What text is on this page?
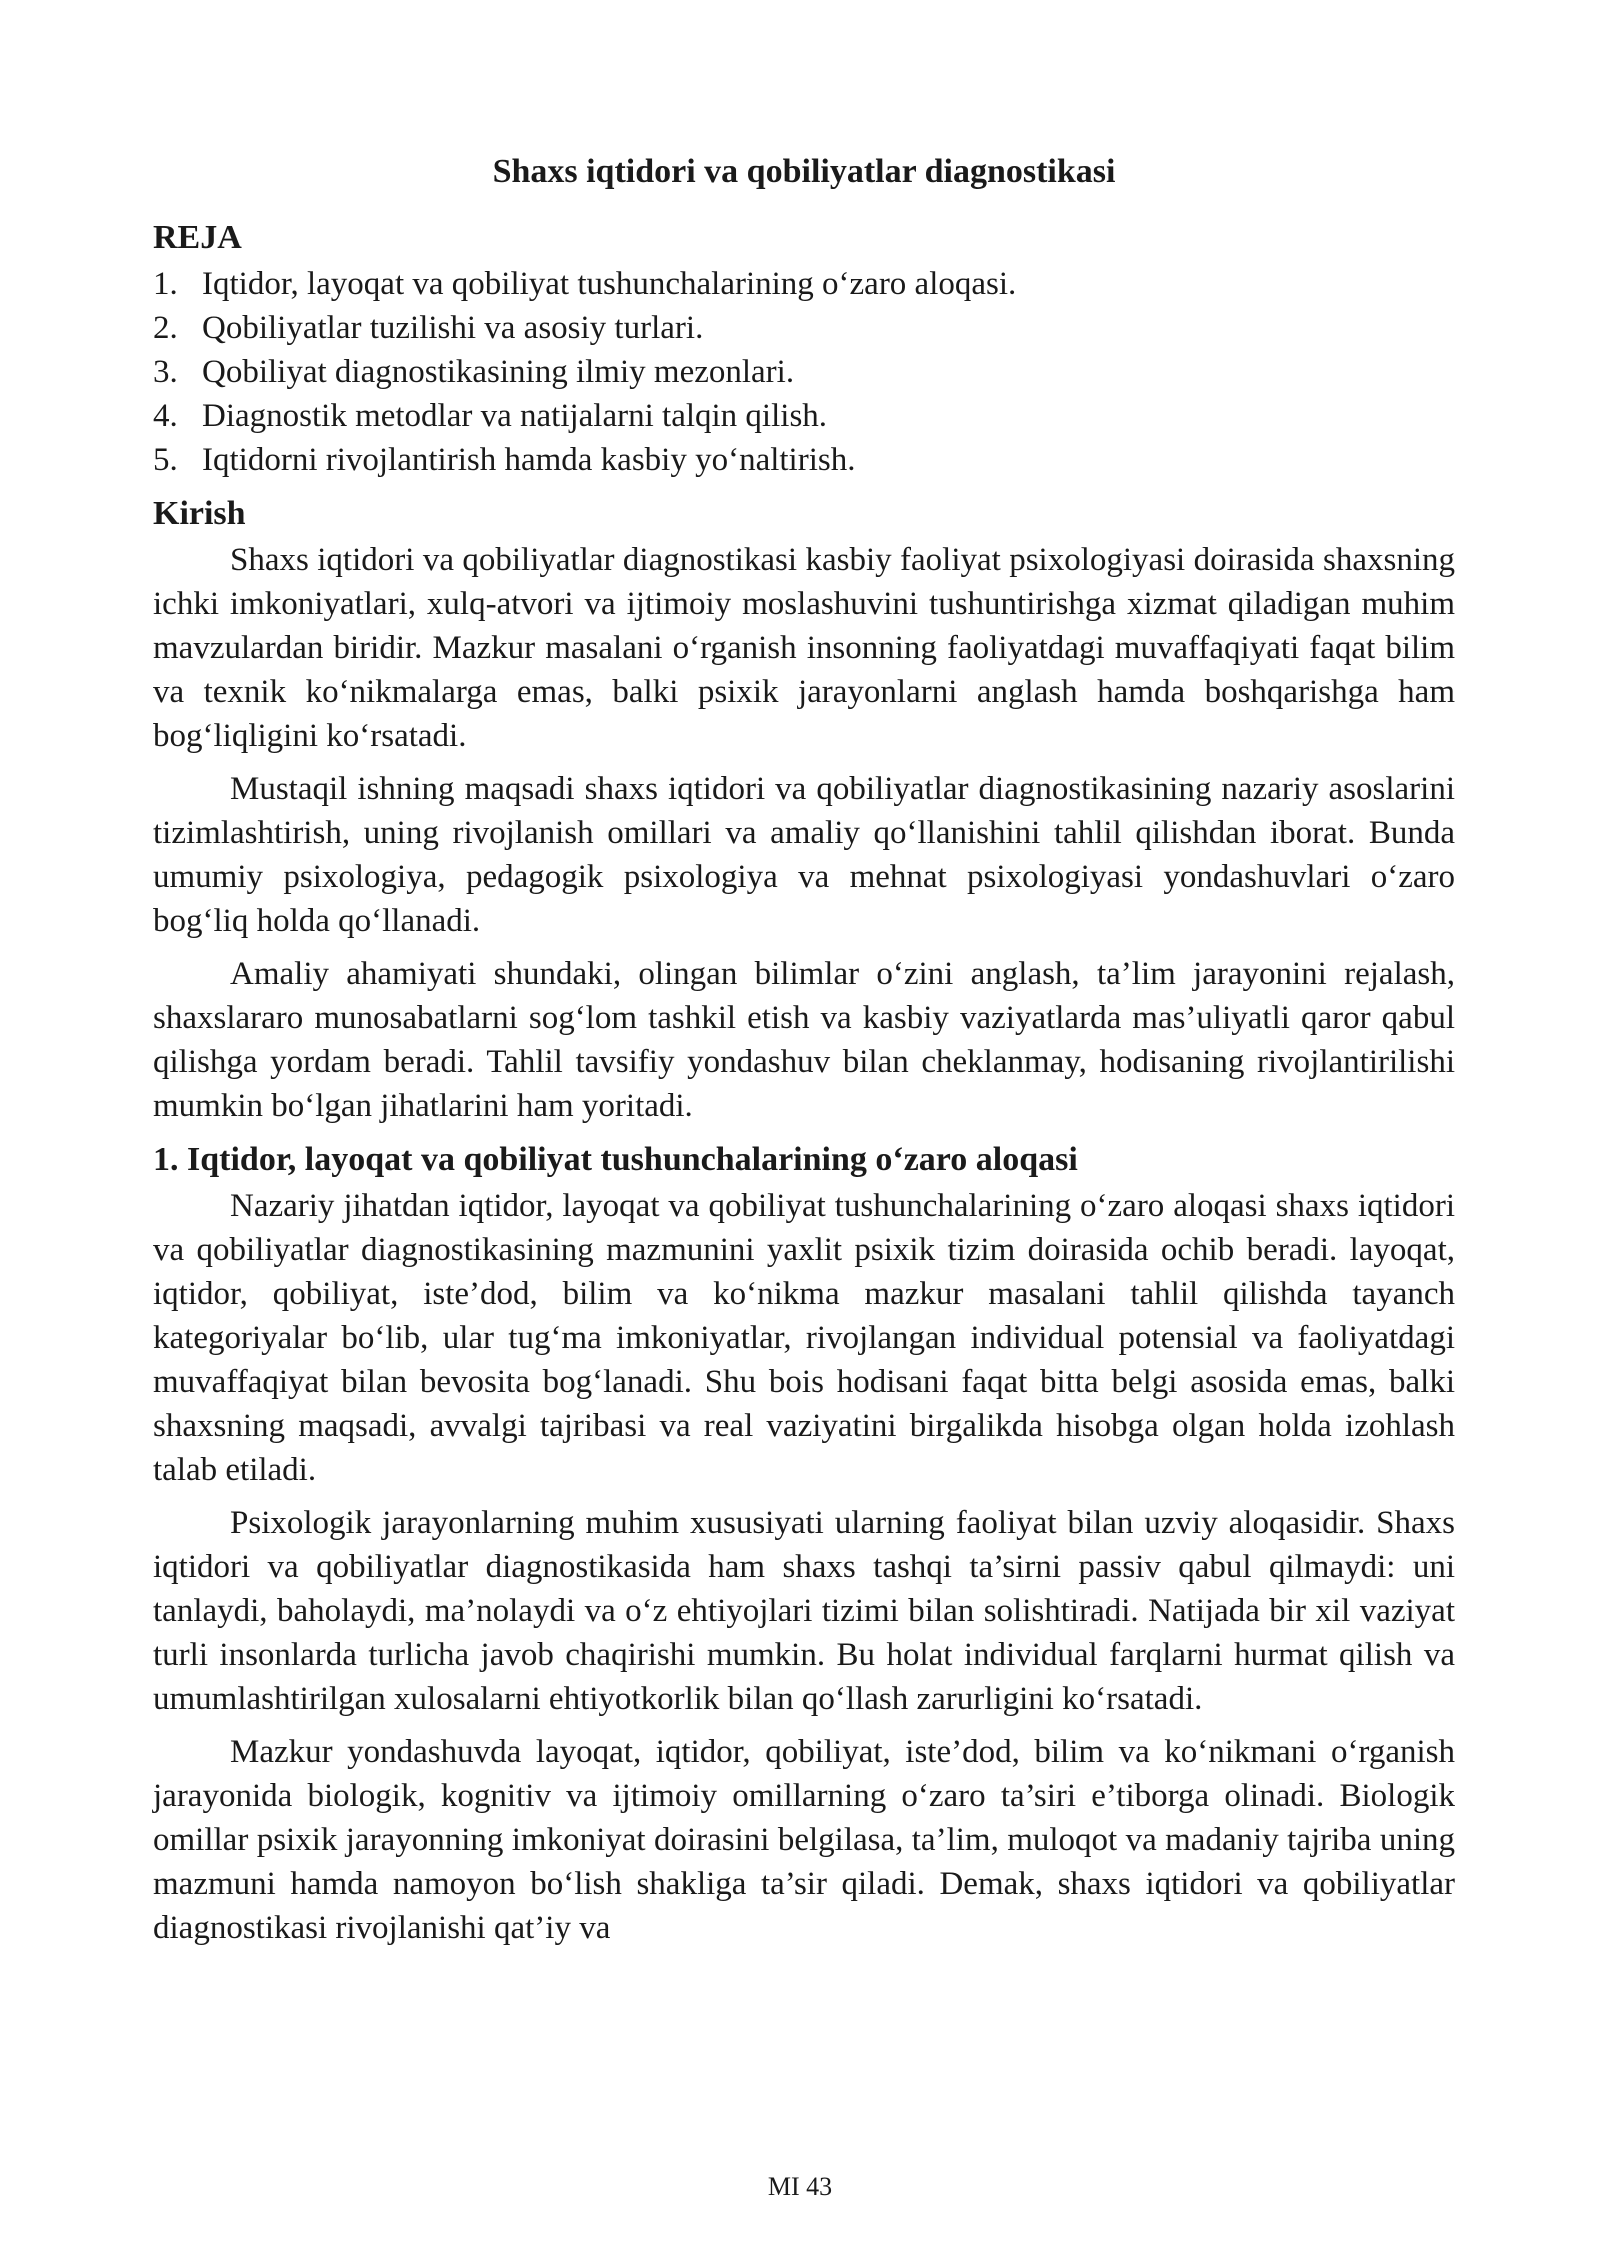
Shaxs iqtidori va qobiliyatlar diagnostikasi
REJA
1. Iqtidor, layoqat va qobiliyat tushunchalarining o‘zaro aloqasi.
2. Qobiliyatlar tuzilishi va asosiy turlari.
3. Qobiliyat diagnostikasining ilmiy mezonlari.
4. Diagnostik metodlar va natijalarni talqin qilish.
5. Iqtidorni rivojlantirish hamda kasbiy yo‘naltirish.
Kirish

Shaxs iqtidori va qobiliyatlar diagnostikasi kasbiy faoliyat psixologiyasi doirasida shaxsning ichki imkoniyatlari, xulq-atvori va ijtimoiy moslashuvini tushuntirishga xizmat qiladigan muhim mavzulardan biridir. Mazkur masalani o‘rganish insonning faoliyatdagi muvaffaqiyati faqat bilim va texnik ko‘nikmalarga emas, balki psixik jarayonlarni anglash hamda boshqarishga ham bog‘liqligini ko‘rsatadi.

Mustaqil ishning maqsadi shaxs iqtidori va qobiliyatlar diagnostikasining nazariy asoslarini tizimlashtirish, uning rivojlanish omillari va amaliy qo‘llanishini tahlil qilishdan iborat. Bunda umumiy psixologiya, pedagogik psixologiya va mehnat psixologiyasi yondashuvlari o‘zaro bog‘liq holda qo‘llanadi.

Amaliy ahamiyati shundaki, olingan bilimlar o‘zini anglash, ta’lim jarayonini rejalash, shaxslararo munosabatlarni sog‘lom tashkil etish va kasbiy vaziyatlarda mas’uliyatli qaror qabul qilishga yordam beradi. Tahlil tavsifiy yondashuv bilan cheklanmay, hodisaning rivojlantirilishi mumkin bo‘lgan jihatlarini ham yoritadi.

1. Iqtidor, layoqat va qobiliyat tushunchalarining o‘zaro aloqasi

Nazariy jihatdan iqtidor, layoqat va qobiliyat tushunchalarining o‘zaro aloqasi shaxs iqtidori va qobiliyatlar diagnostikasining mazmunini yaxlit psixik tizim doirasida ochib beradi. layoqat, iqtidor, qobiliyat, iste’dod, bilim va ko‘nikma mazkur masalani tahlil qilishda tayanch kategoriyalar bo‘lib, ular tug‘ma imkoniyatlar, rivojlangan individual potensial va faoliyatdagi muvaffaqiyat bilan bevosita bog‘lanadi. Shu bois hodisani faqat bitta belgi asosida emas, balki shaxsning maqsadi, avvalgi tajribasi va real vaziyatini birgalikda hisobga olgan holda izohlash talab etiladi.

Psixologik jarayonlarning muhim xususiyati ularning faoliyat bilan uzviy aloqasidir. Shaxs iqtidori va qobiliyatlar diagnostikasida ham shaxs tashqi ta’sirni passiv qabul qilmaydi: uni tanlaydi, baholaydi, ma’nolaydi va o‘z ehtiyojlari tizimi bilan solishtiradi. Natijada bir xil vaziyat turli insonlarda turlicha javob chaqirishi mumkin. Bu holat individual farqlarni hurmat qilish va umumlashtirilgan xulosalarni ehtiyotkorlik bilan qo‘llash zarurligini ko‘rsatadi.

Mazkur yondashuvda layoqat, iqtidor, qobiliyat, iste’dod, bilim va ko‘nikmani o‘rganish jarayonida biologik, kognitiv va ijtimoiy omillarning o‘zaro ta’siri e’tiborga olinadi. Biologik omillar psixik jarayonning imkoniyat doirasini belgilasa, ta’lim, muloqot va madaniy tajriba uning mazmuni hamda namoyon bo‘lish shakliga ta’sir qiladi. Demak, shaxs iqtidori va qobiliyatlar diagnostikasi rivojlanishi qat’iy va

MI 43
